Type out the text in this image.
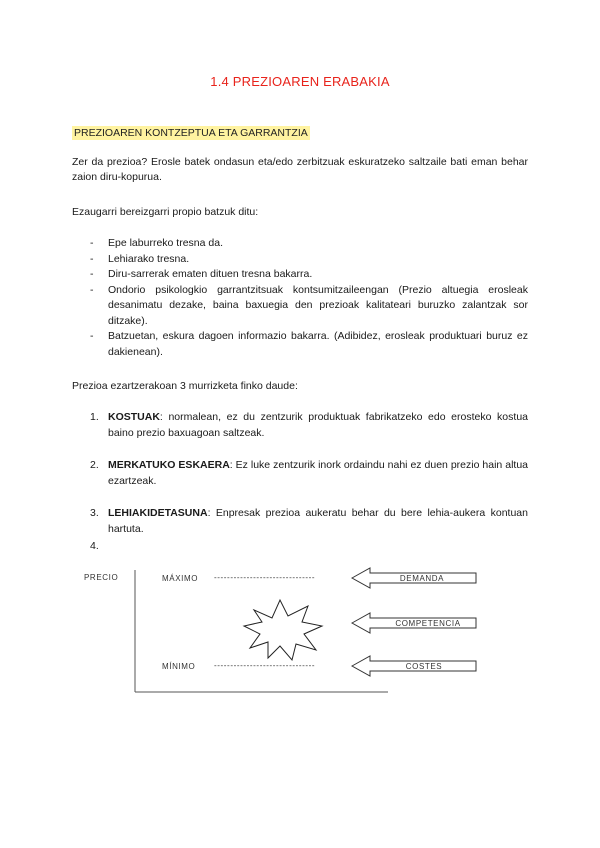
1.4 PREZIOAREN ERABAKIA
PREZIOAREN KONTZEPTUA ETA GARRANTZIA
Zer da prezioa? Erosle batek ondasun eta/edo zerbitzuak eskuratzeko saltzaile bati eman behar zaion diru-kopurua.
Ezaugarri bereizgarri propio batzuk ditu:
- Epe laburreko tresna da.
- Lehiarako tresna.
- Diru-sarrerak ematen dituen tresna bakarra.
- Ondorio psikologkio garrantzitsuak kontsumitzaileengan (Prezio altuegia erosleak desanimatu dezake, baina baxuegia den prezioak kalitateari buruzko zalantzak sor ditzake).
- Batzuetan, eskura dagoen informazio bakarra. (Adibidez, erosleak produktuari buruz ez dakienean).
Prezioa ezartzerakoan 3 murrizketa finko daude:
1. KOSTUAK: normalean, ez du zentzurik produktuak fabrikatzeko edo erosteko kostua baino prezio baxuagoan saltzeak.
2. MERKATUKO ESKAERA: Ez luke zentzurik inork ordaindu nahi ez duen prezio hain altua ezartzeak.
3. LEHIAKIDETASUNA: Enpresak prezioa aukeratu behar du bere lehia-aukera kontuan hartuta.
4.

PRECIO	MÁXIMO -------------------------------
MÍNIMO -------------------------------
DEMANDA
COMPETENCIA
COSTES
